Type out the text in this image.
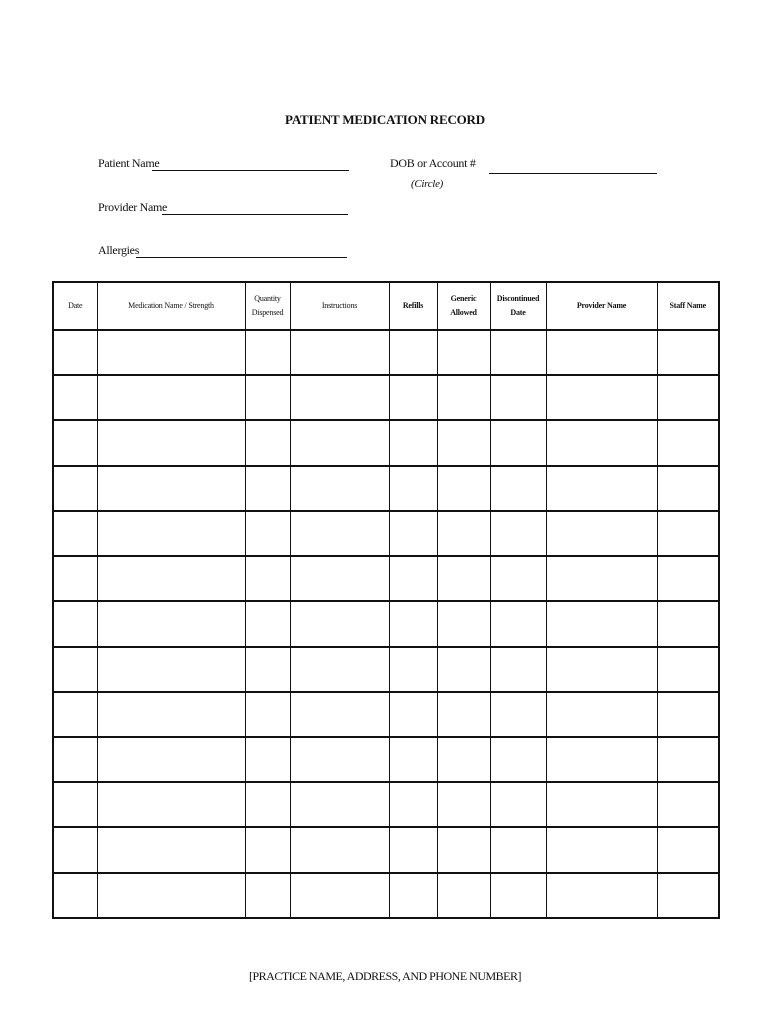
PATIENT MEDICATION RECORD
Patient Name	DOB or Account #
(Circle)
Provider Name
Allergies
Date	Medication Name / Strength	Quantity Dispensed	Instructions	Refills	Generic Allowed	Discontinued Date	Provider Name	Staff Name

[PRACTICE NAME, ADDRESS, AND PHONE NUMBER]
